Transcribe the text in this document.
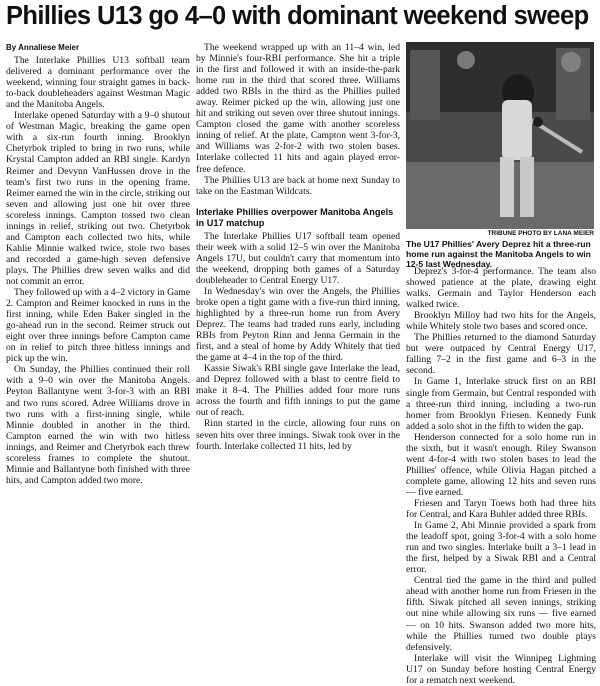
Phillies U13 go 4–0 with dominant weekend sweep
By Annaliese Meier

The Interlake Phillies U13 softball team delivered a dominant performance over the weekend, winning four straight games in back-to-back doubleheaders against Westman Magic and the Manitoba Angels.

Interlake opened Saturday with a 9–0 shutout of Westman Magic, breaking the game open with a six-run fourth inning. Brooklyn Chetyrbok tripled to bring in two runs, while Krystal Campton added an RBI single. Kardyn Reimer and Devynn VanHussen drove in the team's first two runs in the opening frame. Reimer earned the win in the circle, striking out seven and allowing just one hit over three scoreless innings. Campton tossed two clean innings in relief, striking out two. Chetyrbok and Campton each collected two hits, while Kahlie Minnie walked twice, stole two bases and recorded a game-high seven defensive plays. The Phillies drew seven walks and did not commit an error.

They followed up with a 4–2 victory in Game 2. Campton and Reimer knocked in runs in the first inning, while Eden Baker singled in the go-ahead run in the second. Reimer struck out eight over three innings before Campton came on in relief to pitch three hitless innings and pick up the win.

On Sunday, the Phillies continued their roll with a 9–0 win over the Manitoba Angels. Peyton Ballantyne went 3-for-3 with an RBI and two runs scored. Adree Williams drove in two runs with a first-inning single, while Minnie doubled in another in the third. Campton earned the win with two hitless innings, and Reimer and Chetyrbok each threw scoreless frames to complete the shutout. Minnie and Ballantyne both finished with three hits, and Campton added two more.

The weekend wrapped up with an 11–4 win, led by Minnie's four-RBI performance. She hit a triple in the first and followed it with an inside-the-park home run in the third that scored three. Williams added two RBIs in the third as the Phillies pulled away. Reimer picked up the win, allowing just one hit and striking out seven over three shutout innings. Campton closed the game with another scoreless inning of relief. At the plate, Campton went 3-for-3, and Williams was 2-for-2 with two stolen bases. Interlake collected 11 hits and again played error-free defence.

The Phillies U13 are back at home next Sunday to take on the Eastman Wildcats.

Interlake Phillies overpower Manitoba Angels in U17 matchup

The Interlake Phillies U17 softball team opened their week with a solid 12–5 win over the Manitoba Angels 17U, but couldn't carry that momentum into the weekend, dropping both games of a Saturday doubleheader to Central Energy U17.

In Wednesday's win over the Angels, the Phillies broke open a tight game with a five-run third inning, highlighted by a three-run home run from Avery Deprez. The teams had traded runs early, including RBIs from Peyton Rinn and Jenna Germain in the first, and a steal of home by Addy Whitely that tied the game at 4–4 in the top of the third.

Kassie Siwak's RBI single gave Interlake the lead, and Deprez followed with a blast to centre field to make it 8–4. The Phillies added four more runs across the fourth and fifth innings to put the game out of reach.

Rinn started in the circle, allowing four runs on seven hits over three innings. Siwak took over in the fourth. Interlake collected 11 hits, led by

TRIBUNE PHOTO BY LANA MEIER
The U17 Phillies' Avery Deprez hit a three-run home run against the Manitoba Angels to win 12-5 last Wednesday.

Deprez's 3-for-4 performance. The team also showed patience at the plate, drawing eight walks. Germain and Taylor Henderson each walked twice.

Brooklyn Milloy had two hits for the Angels, while Whitely stole two bases and scored once.

The Phillies returned to the diamond Saturday but were outpaced by Central Energy U17, falling 7–2 in the first game and 6–3 in the second.

In Game 1, Interlake struck first on an RBI single from Germain, but Central responded with a three-run third inning, including a two-run homer from Brooklyn Friesen. Kennedy Funk added a solo shot in the fifth to widen the gap.

Henderson connected for a solo home run in the sixth, but it wasn't enough. Riley Swanson went 4-for-4 with two stolen bases to lead the Phillies' offence, while Olivia Hagan pitched a complete game, allowing 12 hits and seven runs — five earned.

Friesen and Taryn Toews both had three hits for Central, and Kara Buhler added three RBIs.

In Game 2, Abi Minnie provided a spark from the leadoff spot, going 3-for-4 with a solo home run and two singles. Interlake built a 3–1 lead in the first, helped by a Siwak RBI and a Central error.

Central tied the game in the third and pulled ahead with another home run from Friesen in the fifth. Siwak pitched all seven innings, striking out nine while allowing six runs — five earned — on 10 hits. Swanson added two more hits, while the Phillies turned two double plays defensively.

Interlake will visit the Winnipeg Lightning U17 on Sunday before hosting Central Energy for a rematch next weekend.
